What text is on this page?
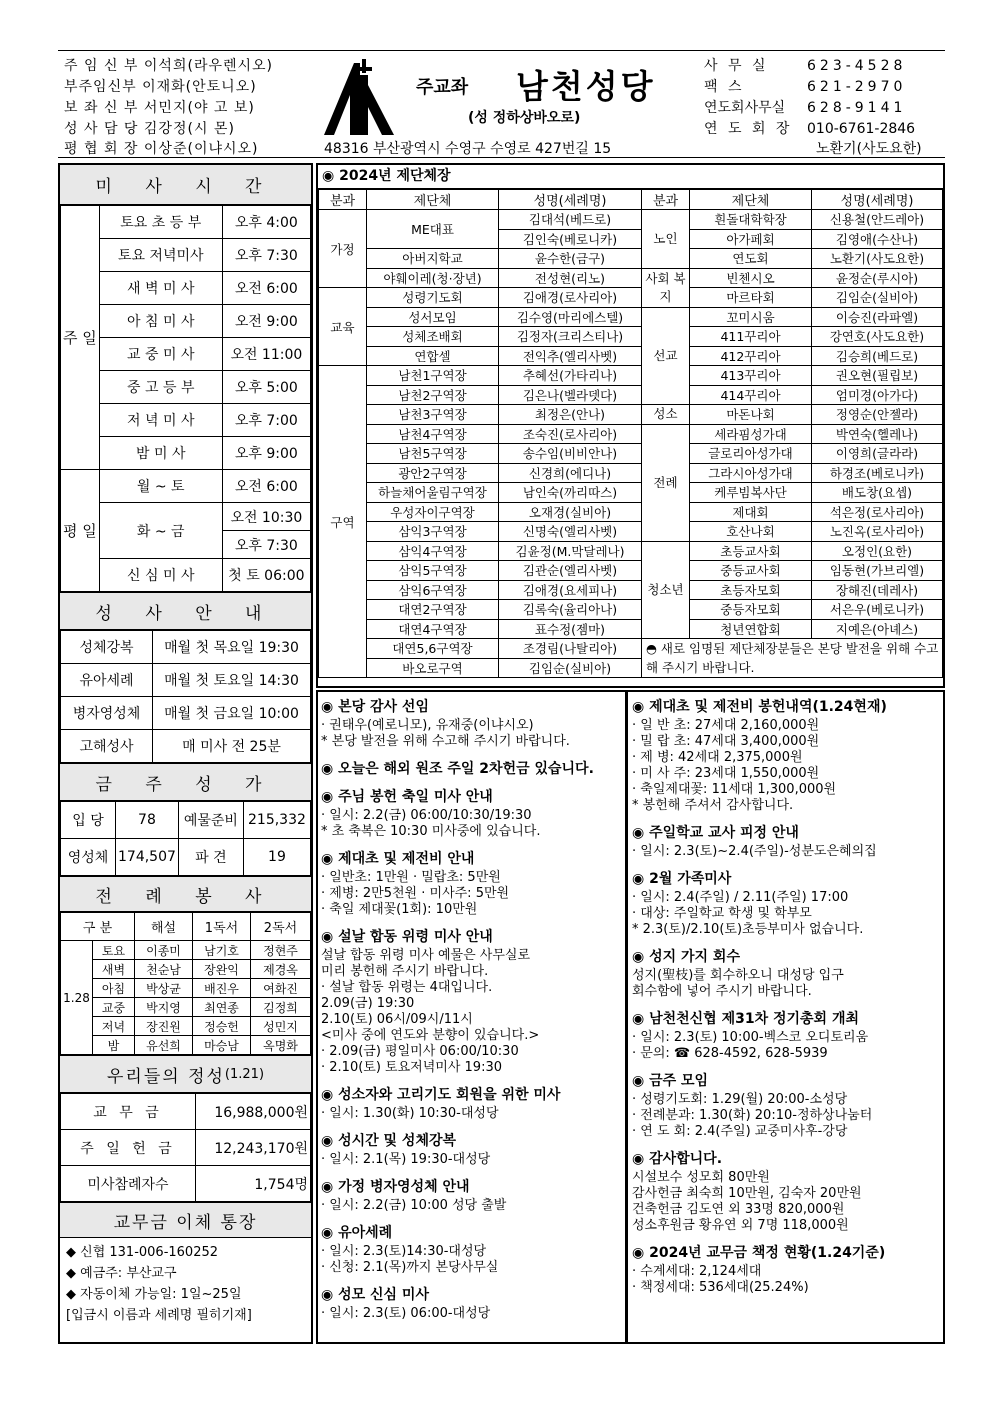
주 임 신 부 이석희(라우렌시오)
부주임신부 이재화(안토니오)
보 좌 신 부 서민지(야 고 보)
성 사 담 당 김강정(시 몬)
평 협 회 장 이상준(이냐시오)
주교좌 남천성당
(성 정하상바오로)
48316 부산광역시 수영구 수영로 427번길 15
사 무 실	623-4528
팩 스	621-2970
연도회사무실 628-9141
연 도 회 장 010-6761-2846
노환기(사도요한)
미 사 시 간
주 일	토요 초 등 부	오후 4:00
	토요 저녁미사	오후 7:30
	새 벽 미 사	오전 6:00
	아 침 미 사	오전 9:00
	교 중 미 사	오전 11:00
	중 고 등 부	오후 5:00
	저 녁 미 사	오후 7:00
	밤 미 사	오후 9:00
평 일	월 ~ 토	오전 6:00
	화 ~ 금	오전 10:30
		오후 7:30
	신 심 미 사	첫 토 06:00
성 사 안 내
성체강복	매월 첫 목요일 19:30
유아세례	매월 첫 토요일 14:30
병자영성체	매월 첫 금요일 10:00
고해성사	매 미사 전 25분
금 주 성 가
입 당	78	예물준비	215,332
영성체	174,507	파 견	19
전 례 봉 사
구 분		해설	1독서	2독서
1.28	토요	이종미	남기호	정현주
	새벽	천순남	장완익	제경옥
	아침	박상균	배진우	여화진
	교중	박지영	최연종	김정희
	저녁	장진원	정승헌	성민지
	밤	유선희	마승남	옥명화
우리들의 정성 (1.21)
교 무 금	16,988,000원
주 일 헌 금	12,243,170원
미사참례자수	1,754명
교무금 이체 통장
◆ 신협 131-006-160252
◆ 예금주: 부산교구
◆ 자동이체 가능일: 1일~25일
[입금시 이름과 세례명 필히기재]
◉ 2024년 제단체장
분과	제단체	성명(세례명)	분과	제단체	성명(세례명)
가정	ME대표	김대석(베드로)	노인	흰돌대학학장	신용철(안드레아)
		김인숙(베로니카)		아가페회	김영애(수산나)
	아버지학교	윤수한(금구)		연도회	노환기(사도요한)
	야훼이레(청·장년)	전성현(리노)	사회 복지	빈첸시오	윤정순(루시아)
교육	성령기도회	김애경(로사리아)		마르타회	김임순(실비아)
	성서모임	김수영(마리에스텔)	선교	꼬미시움	이승진(라파엘)
	성체조배회	김정자(크리스티나)		411꾸리아	강연호(사도요한)
	연합셀	전익추(엘리사벳)		412꾸리아	김승희(베드로)
구역	남천1구역장	추혜선(가타리나)		413꾸리아	권오현(필립보)
	남천2구역장	김은나(벨라뎃다)		414꾸리아	엄미경(아가다)
	남천3구역장	최정은(안나)	성소	마돈나회	정영순(안젤라)
	남천4구역장	조숙진(로사리아)	전례	세라핌성가대	박연숙(헬레나)
	남천5구역장	송수임(비비안나)		글로리아성가대	이영희(글라라)
	광안2구역장	신경희(에디나)		그라시아성가대	하경조(베로니카)
	하늘채어울림구역장	남인숙(까리따스)		케루빔복사단	배도창(요셉)
	우성자이구역장	오재경(실비아)		제대회	석은정(로사리아)
	삼익3구역장	신명숙(엘리사벳)		호산나회	노진옥(로사리아)
	삼익4구역장	김윤정(M.막달레나)	청소년	초등교사회	오정인(요한)
	삼익5구역장	김관순(엘리사벳)		중등교사회	임동현(가브리엘)
	삼익6구역장	김애경(요세피나)		초등자모회	장해진(데레사)
	대연2구역장	김록숙(율리아나)		중등자모회	서은우(베로니카)
	대연4구역장	표수정(젬마)		청년연합회	지예은(아녜스)
	대연5,6구역장	조경림(나탈리아)	◓ 새로 임명된 제단체장분들은 본당 발전을 위해 수고해 주시기 바랍니다.		
	바오로구역	김임순(실비아)			
◉ 본당 감사 선임
· 권태우(예로니모), 유재중(이냐시오)
* 본당 발전을 위해 수고해 주시기 바랍니다.
◉ 오늘은 해외 원조 주일 2차헌금 있습니다.
◉ 주님 봉헌 축일 미사 안내
· 일시: 2.2(금) 06:00/10:30/19:30
* 초 축복은 10:30 미사중에 있습니다.
◉ 제대초 및 제전비 안내
· 일반초: 1만원 · 밀랍초: 5만원
· 제병: 2만5천원 · 미사주: 5만원
· 축일 제대꽃(1회): 10만원
◉ 설날 합동 위령 미사 안내
설날 합동 위령 미사 예물은 사무실로
미리 봉헌해 주시기 바랍니다.
· 설날 합동 위령는 4대입니다.
2.09(금) 19:30
2.10(토) 06시/09시/11시
<미사 중에 연도와 분향이 있습니다.>
· 2.09(금) 평일미사 06:00/10:30
· 2.10(토) 토요저녁미사 19:30
◉ 성소자와 고리기도 회원을 위한 미사
· 일시: 1.30(화) 10:30-대성당
◉ 성시간 및 성체강복
· 일시: 2.1(목) 19:30-대성당
◉ 가정 병자영성체 안내
· 일시: 2.2(금) 10:00 성당 출발
◉ 유아세례
· 일시: 2.3(토)14:30-대성당
· 신청: 2.1(목)까지 본당사무실
◉ 성모 신심 미사
· 일시: 2.3(토) 06:00-대성당
◉ 제대초 및 제전비 봉헌내역(1.24현재)
· 일 반 초: 27세대 2,160,000원
· 밀 랍 초: 47세대 3,400,000원
· 제 병: 42세대 2,375,000원
· 미 사 주: 23세대 1,550,000원
· 축일제대꽃: 11세대 1,300,000원
* 봉헌해 주셔서 감사합니다.
◉ 주일학교 교사 피정 안내
· 일시: 2.3(토)~2.4(주일)-성분도은혜의집
◉ 2월 가족미사
· 일시: 2.4(주일) / 2.11(주일) 17:00
· 대상: 주일학교 학생 및 학부모
* 2.3(토)/2.10(토)초등부미사 없습니다.
◉ 성지 가지 회수
성지(聖枝)를 회수하오니 대성당 입구
회수함에 넣어 주시기 바랍니다.
◉ 남천천신협 제31차 정기총회 개최
· 일시: 2.3(토) 10:00-벡스코 오디토리움
· 문의: ☎ 628-4592, 628-5939
◉ 금주 모임
· 성령기도회: 1.29(월) 20:00-소성당
· 전례분과: 1.30(화) 20:10-정하상나눔터
· 연 도 회: 2.4(주일) 교중미사후-강당
◉ 감사합니다.
시설보수 성모회 80만원
감사헌금 최숙희 10만원, 김숙자 20만원
건축헌금 김도연 외 33명 820,000원
성소후원금 황유연 외 7명 118,000원
◉ 2024년 교무금 책정 현황(1.24기준)
· 수계세대: 2,124세대
· 책정세대: 536세대(25.24%)
